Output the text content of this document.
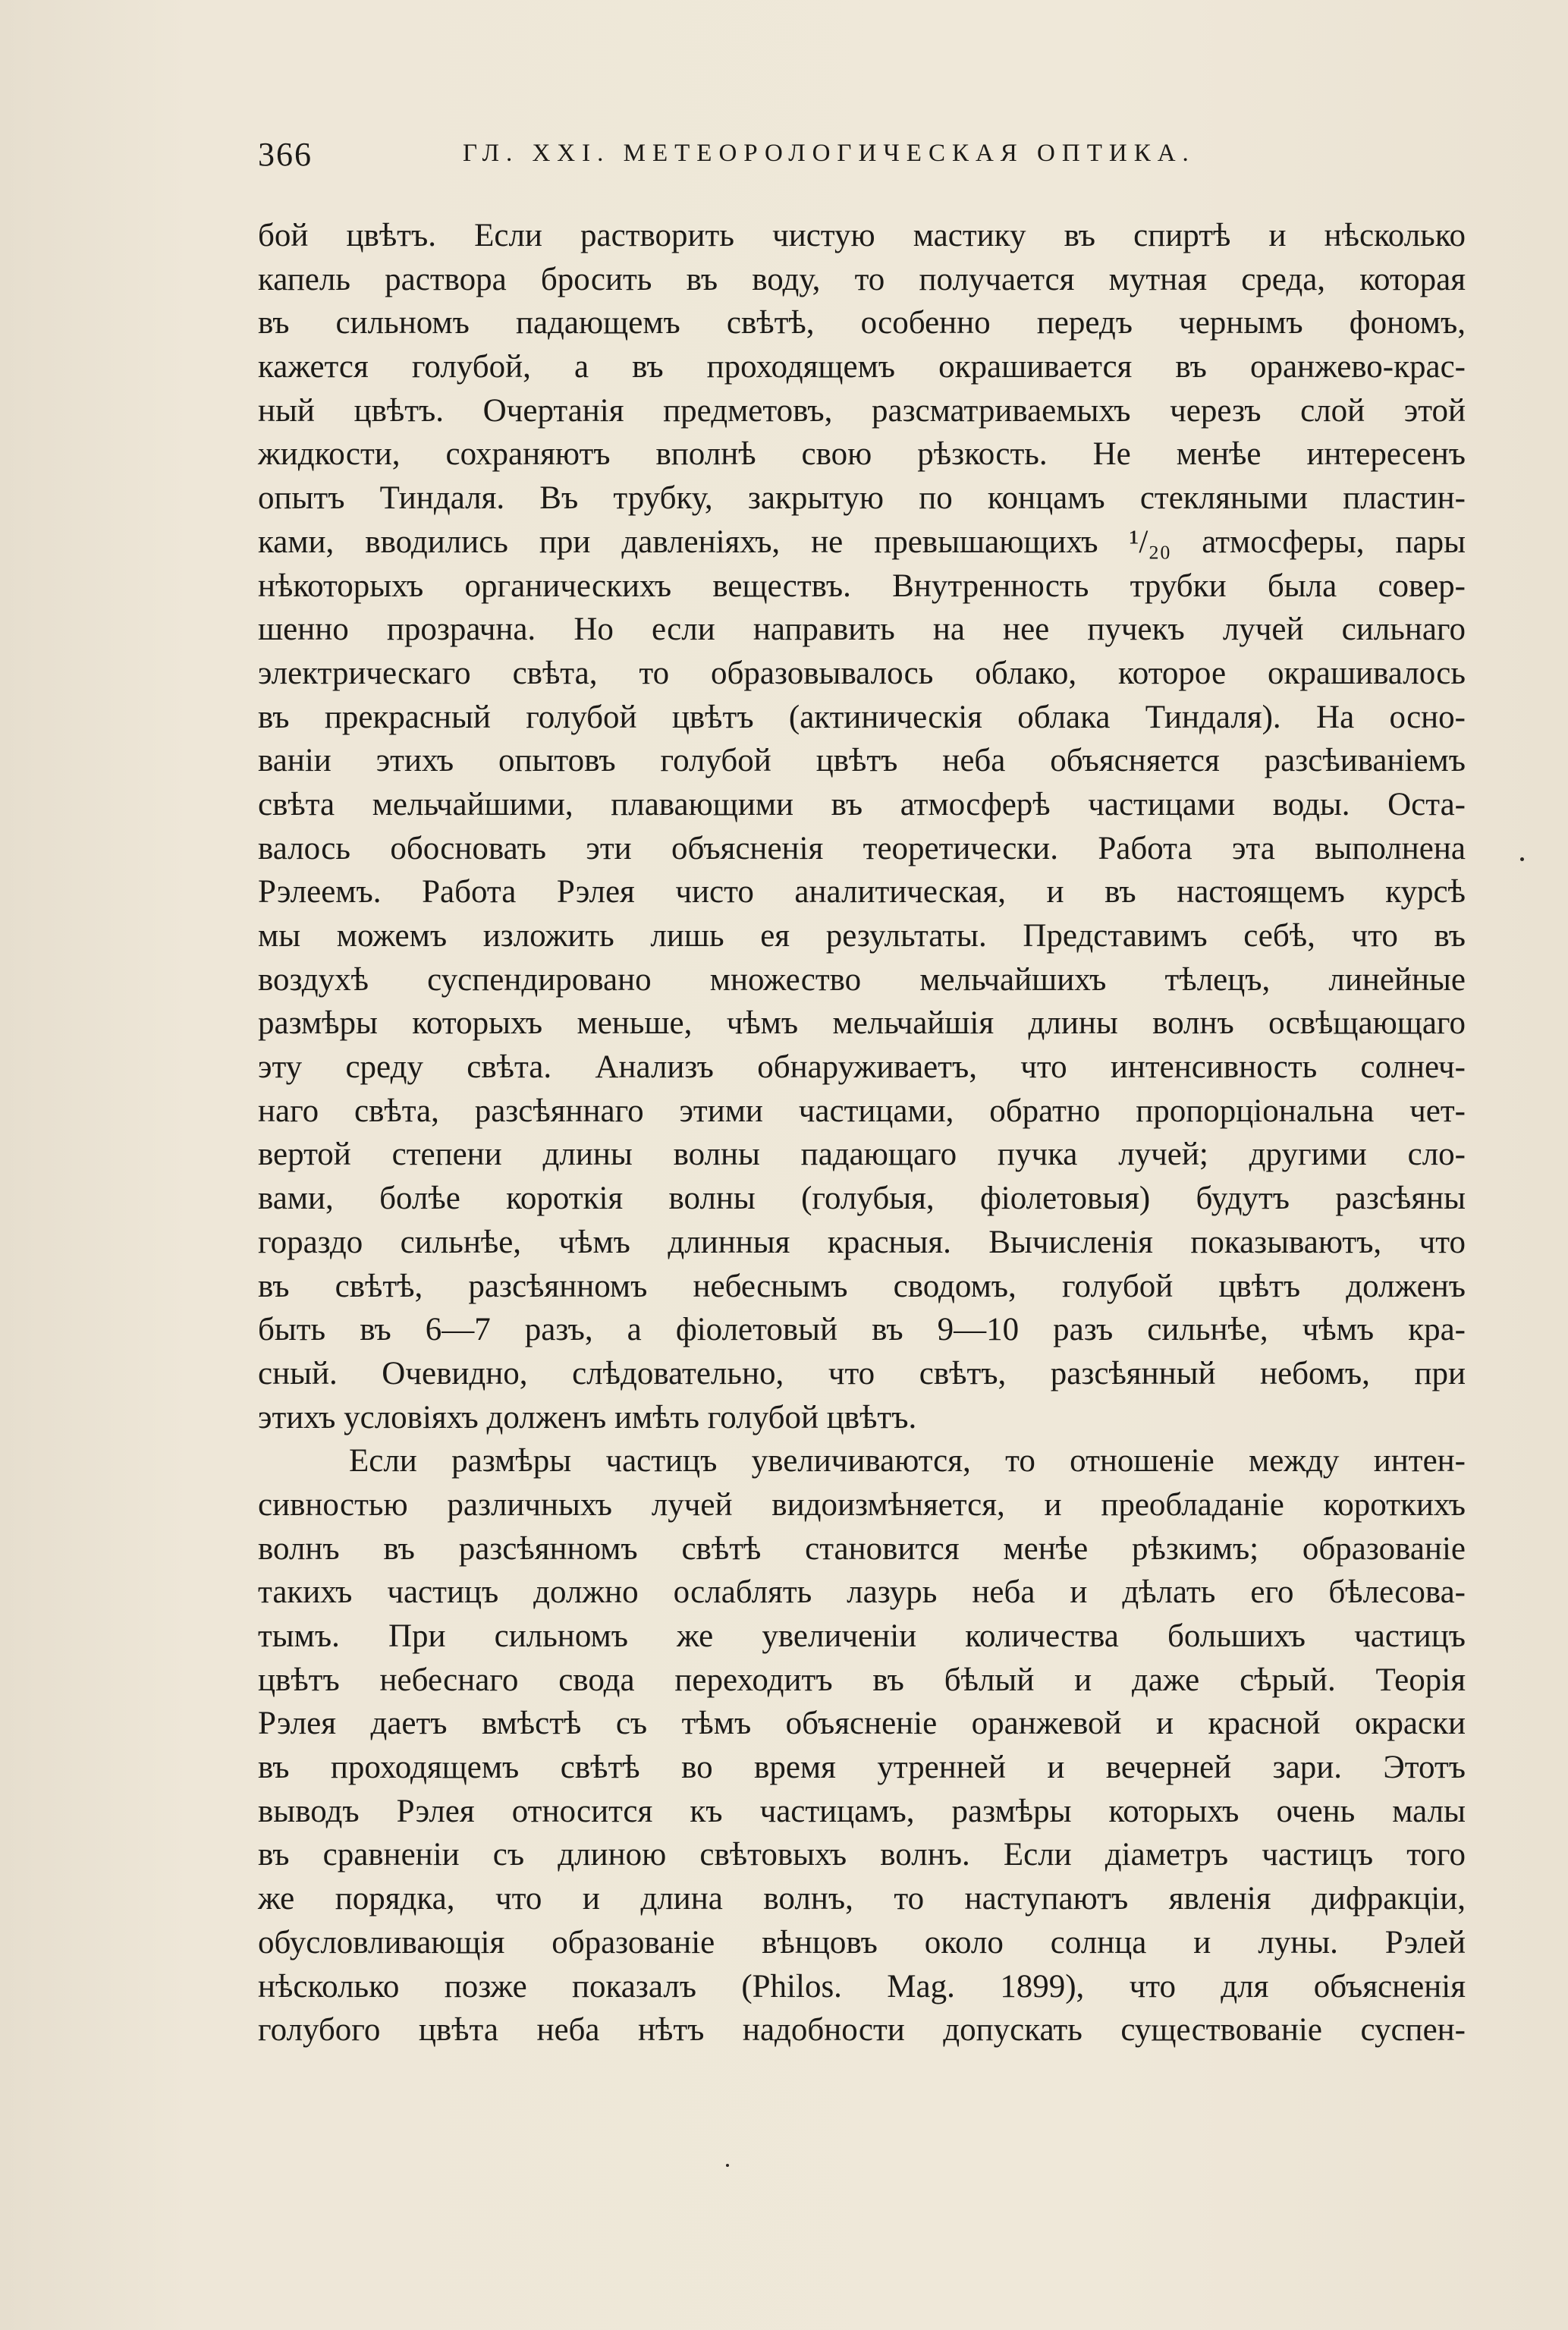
366	ГЛ. XXI. МЕТЕОРОЛОГИЧЕСКАЯ ОПТИКА.
бой цвѣтъ. Если растворить чистую мастику въ спиртѣ и нѣсколько
капель раствора бросить въ воду, то получается мутная среда, которая
въ сильномъ падающемъ свѣтѣ, особенно передъ чернымъ фономъ,
кажется голубой, а въ проходящемъ окрашивается въ оранжево-крас-
ный цвѣтъ. Очертанія предметовъ, разсматриваемыхъ черезъ слой этой
жидкости, сохраняютъ вполнѣ свою рѣзкость. Не менѣе интересенъ
опытъ Тиндаля. Въ трубку, закрытую по концамъ стекляными пластин-
ками, вводились при давленіяхъ, не превышающихъ ¹/₂₀ атмосферы, пары
нѣкоторыхъ органическихъ веществъ. Внутренность трубки была совер-
шенно прозрачна. Но если направить на нее пучекъ лучей сильнаго
электрическаго свѣта, то образовывалось облако, которое окрашивалось
въ прекрасный голубой цвѣтъ (актиническія облака Тиндаля). На осно-
ваніи этихъ опытовъ голубой цвѣтъ неба объясняется разсѣиваніемъ
свѣта мельчайшими, плавающими въ атмосферѣ частицами воды. Оста-
валось обосновать эти объясненія теоретически. Работа эта выполнена
Рэлеемъ. Работа Рэлея чисто аналитическая, и въ настоящемъ курсѣ
мы можемъ изложить лишь ея результаты. Представимъ себѣ, что въ
воздухѣ суспендировано множество мельчайшихъ тѣлецъ, линейные
размѣры которыхъ меньше, чѣмъ мельчайшія длины волнъ освѣщающаго
эту среду свѣта. Анализъ обнаруживаетъ, что интенсивность солнеч-
наго свѣта, разсѣяннаго этими частицами, обратно пропорціональна чет-
вертой степени длины волны падающаго пучка лучей; другими сло-
вами, болѣе короткія волны (голубыя, фіолетовыя) будутъ разсѣяны
гораздо сильнѣе, чѣмъ длинныя красныя. Вычисленія показываютъ, что
въ свѣтѣ, разсѣянномъ небеснымъ сводомъ, голубой цвѣтъ долженъ
быть въ 6—7 разъ, а фіолетовый въ 9—10 разъ сильнѣе, чѣмъ кра-
сный. Очевидно, слѣдовательно, что свѣтъ, разсѣянный небомъ, при
этихъ условіяхъ долженъ имѣть голубой цвѣтъ.
Если размѣры частицъ увеличиваются, то отношеніе между интен-
сивностью различныхъ лучей видоизмѣняется, и преобладаніе короткихъ
волнъ въ разсѣянномъ свѣтѣ становится менѣе рѣзкимъ; образованіе
такихъ частицъ должно ослаблять лазурь неба и дѣлать его бѣлесова-
тымъ. При сильномъ же увеличеніи количества большихъ частицъ
цвѣтъ небеснаго свода переходитъ въ бѣлый и даже сѣрый. Теорія
Рэлея даетъ вмѣстѣ съ тѣмъ объясненіе оранжевой и красной окраски
въ проходящемъ свѣтѣ во время утренней и вечерней зари. Этотъ
выводъ Рэлея относится къ частицамъ, размѣры которыхъ очень малы
въ сравненіи съ длиною свѣтовыхъ волнъ. Если діаметръ частицъ того
же порядка, что и длина волнъ, то наступаютъ явленія дифракціи,
обусловливающія образованіе вѣнцовъ около солнца и луны. Рэлей
нѣсколько позже показалъ (Philos. Mag. 1899), что для объясненія
голубого цвѣта неба нѣтъ надобности допускать существованіе суспен-
